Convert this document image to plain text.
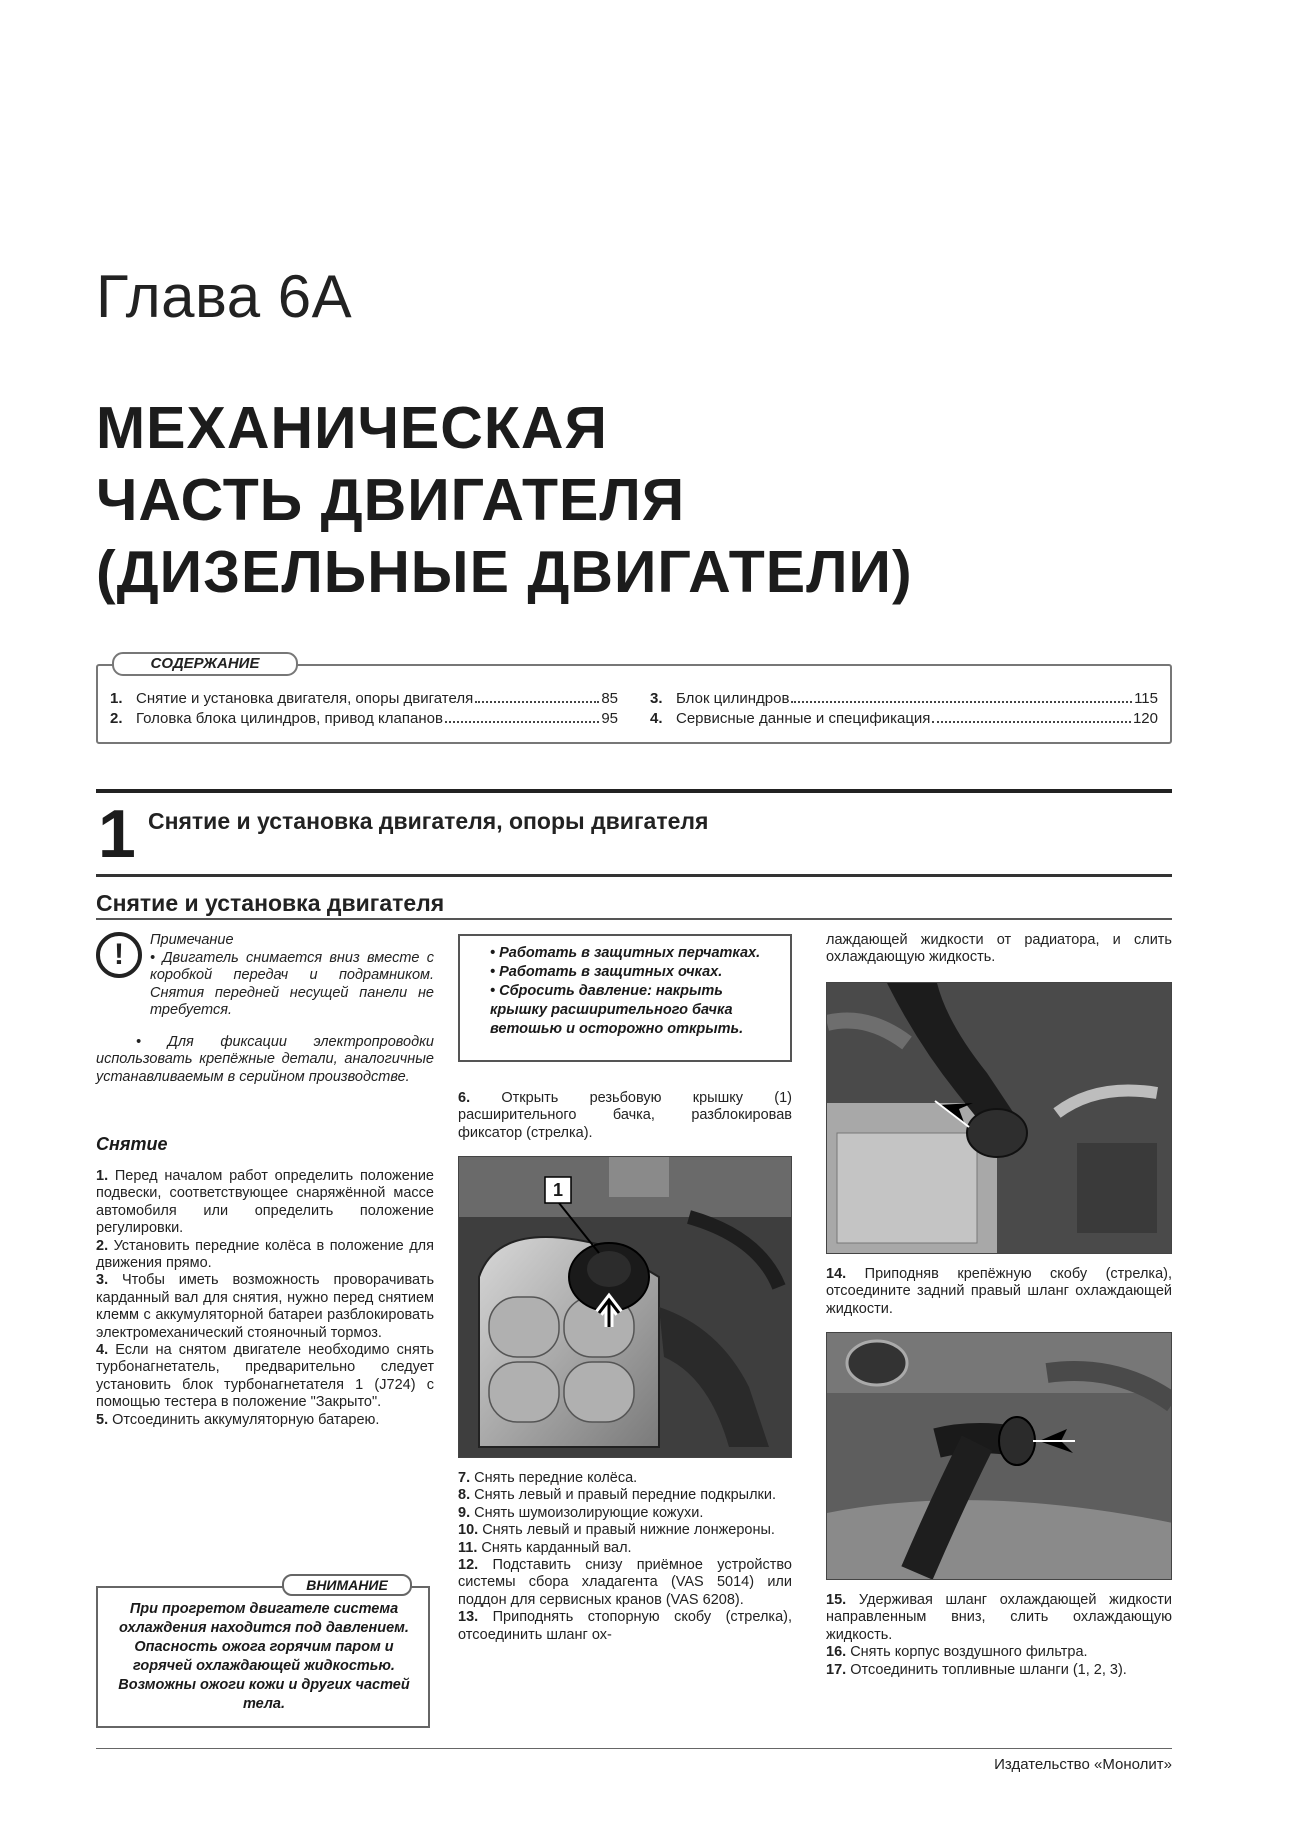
Глава 6А
МЕХАНИЧЕСКАЯ
ЧАСТЬ ДВИГАТЕЛЯ
(ДИЗЕЛЬНЫЕ ДВИГАТЕЛИ)
СОДЕРЖАНИЕ
1. Снятие и установка двигателя, опоры двигателя	85
2. Головка блока цилиндров, привод клапанов	95
3. Блок цилиндров	115
4. Сервисные данные и спецификация	120
1 Снятие и установка двигателя, опоры двигателя
Снятие и установка двигателя
!	Примечание

• Двигатель снимается вниз вместе с коробкой передач и подрамником. Снятия передней несущей панели не требуется.

• Для фиксации электропроводки использовать крепёжные детали, аналогичные устанавливаемым в серийном производстве.

Снятие

1. Перед началом работ определить положение подвески, соответствующее снаряжённой массе автомобиля или определить положение регулировки.

2. Установить передние колёса в положение для движения прямо.

3. Чтобы иметь возможность проворачивать карданный вал для снятия, нужно перед снятием клемм с аккумуляторной батареи разблокировать электромеханический стояночный тормоз.

4. Если на снятом двигателе необходимо снять турбонагнетатель, предварительно следует установить блок турбонагнетателя 1 (J724) с помощью тестера в положение "Закрыто".

5. Отсоединить аккумуляторную батарею.

ВНИМАНИЕ
При прогретом двигателе система охлаждения находится под давлением. Опасность ожога горячим паром и горячей охлаждающей жидкостью. Возможны ожоги кожи и других частей тела.

• Работать в защитных перчатках.

• Работать в защитных очках.

• Сбросить давление: накрыть крышку расширительного бачка ветошью и осторожно открыть.

6. Открыть резьбовую крышку (1) расширительного бачка, разблокировав фиксатор (стрелка).

1

7. Снять передние колёса.

8. Снять левый и правый передние подкрылки.

9. Снять шумоизолирующие кожухи.

10. Снять левый и правый нижние лонжероны.

11. Снять карданный вал.

12. Подставить снизу приёмное устройство системы сбора хладагента (VAS 5014) или поддон для сервисных кранов (VAS 6208).

13. Приподнять стопорную скобу (стрелка), отсоединить шланг ох-

лаждающей жидкости от радиатора, и слить охлаждающую жидкость.

14. Приподняв крепёжную скобу (стрелка), отсоедините задний правый шланг охлаждающей жидкости.

15. Удерживая шланг охлаждающей жидкости направленным вниз, слить охлаждающую жидкость.

16. Снять корпус воздушного фильтра.

17. Отсоединить топливные шланги (1, 2, 3).

Издательство «Монолит»
